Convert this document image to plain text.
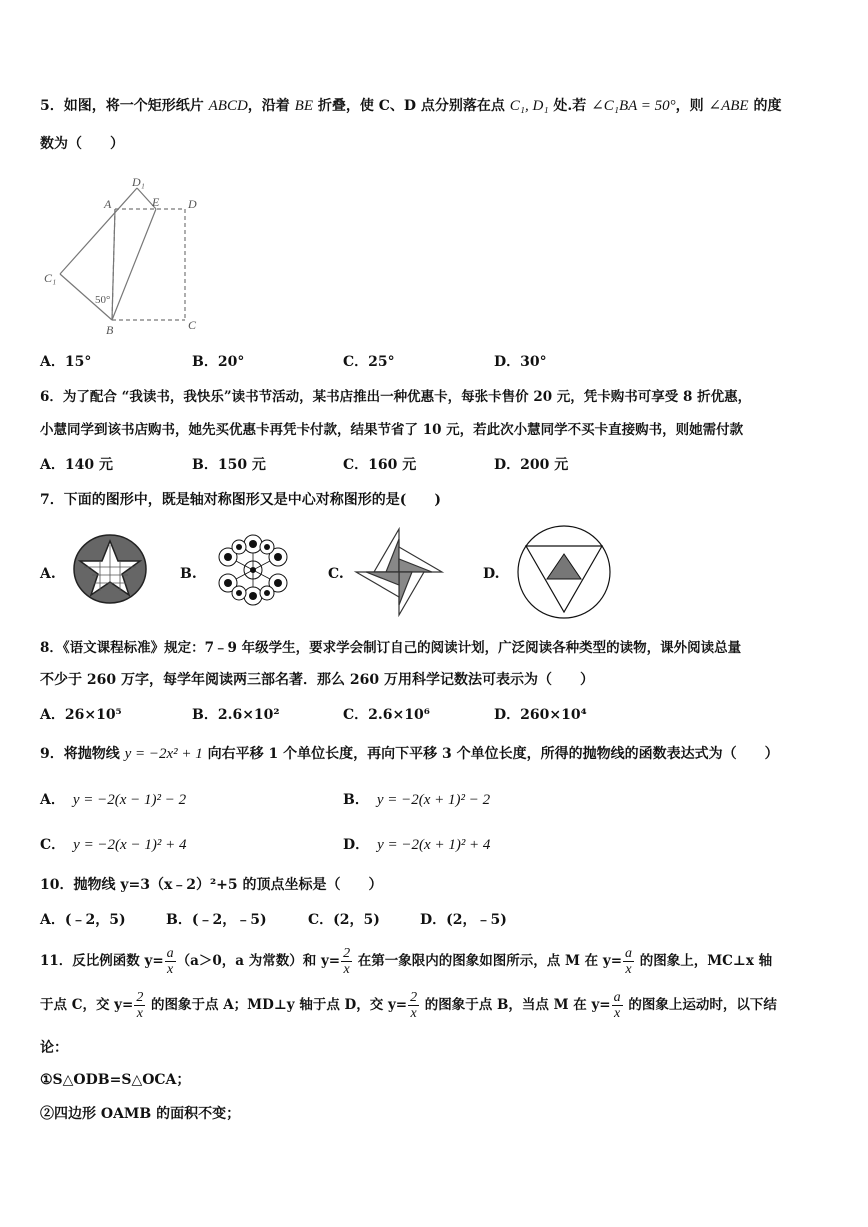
5．如图，将一个矩形纸片 ABCD，沿着 BE 折叠，使 C、D 点分别落在点 C₁, D₁ 处.若 ∠C₁BA = 50°，则 ∠ABE 的度
数为（　　）
D₁
A	E D
C₁
B	C
50°
A．15°	B．20°	C．25°	D．30°
6．为了配合 “我读书，我快乐”读书节活动，某书店推出一种优惠卡，每张卡售价 20 元，凭卡购书可享受 8 折优惠，
小慧同学到该书店购书，她先买优惠卡再凭卡付款，结果节省了 10 元，若此次小慧同学不买卡直接购书，则她需付款
A．140 元	B．150 元	C．160 元	D．200 元
7．下面的图形中，既是轴对称图形又是中心对称图形的是(　　)
A.	B.	C.	D.
8．《语文课程标准》规定：7﹣9 年级学生，要求学会制订自己的阅读计划，广泛阅读各种类型的读物，课外阅读总量
不少于 260 万字，每学年阅读两三部名著．那么 260 万用科学记数法可表示为（　　）
A．26×10⁵	B．2.6×10²	C．2.6×10⁶	D．260×10⁴
9．将抛物线 y = −2x² + 1 向右平移 1 个单位长度，再向下平移 3 个单位长度，所得的抛物线的函数表达式为（　　）
A． y = −2(x − 1)² − 2	B． y = −2(x + 1)² − 2
C． y = −2(x − 1)² + 4	D． y = −2(x + 1)² + 4
10．抛物线 y=3（x﹣2）²+5 的顶点坐标是（　　）
A．(﹣2，5)	B．(﹣2，﹣5)	C．(2，5)	D．(2，﹣5)
11．反比例函数 $y= \frac{a}{x} (a>0$，a 为常数）和 $y= \frac{2}{x}$ 在第一象限内的图象如图所示，点 M 在 $y= \frac{a}{x}$ 的图象上，MC⊥x 轴
于点 C，交 $y= \frac{2}{x}$ 的图象于点 A；MD⊥y 轴于点 D，交 $y= \frac{2}{x}$ 的图象于点 B，当点 M 在 $y= \frac{a}{x}$ 的图象上运动时，以下结
论：
①S△ODB=S△OCA；
②四边形 OAMB 的面积不变；
